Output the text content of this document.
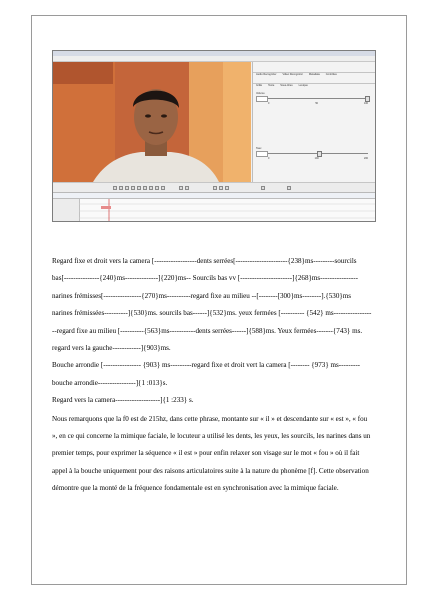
Audio Recognizer Video Recognizer Metadata Contrôles
Grille Texte Sous-titres Lexique
Volume
0	50	100
Taux
0	100	200

Regard fixe et droit vers la camera [------------------dents serrées[----------------------{238}ms---------sourcils bas[---------------{240}ms--------------]{220}ms-- Sourcils bas vv [----------------------]{268}ms----------------narines frémisses[----------------{270}ms----------regard fixe au milieu --[--------[300}ms--------].{530}ms narines frémissées----------]{530}ms. sourcils bas------]{532}ms. yeux fermées [---------- {542} ms------------------regard fixe au milieu [----------{563}ms-----------dents serrées------]{588}ms. Yeux fermées-------{743} ms.

regard vers la gauche------------]{903}ms.

Bouche arrondie [---------------- {903} ms---------regard fixe et droit vert la camera [-------- {973} ms---------bouche arrondie----------------]{1 :013}s.

Regard vers la camera-------------------]{1 :233} s.

Nous remarquons que la f0 est de 215hz, dans cette phrase, montante sur « il » et descendante sur « est », « fou », en ce qui concerne la mimique faciale, le locuteur a utilisé les dents, les yeux, les sourcils, les narines dans un premier temps, pour exprimer la séquence « il est » pour enfin relaxer son visage sur le mot « fou » où il fait appel à la bouche uniquement pour des raisons articulatoires suite à la nature du phonème [f]. Cette observation démontre que la monté de la fréquence fondamentale est en synchronisation avec la mimique faciale.
